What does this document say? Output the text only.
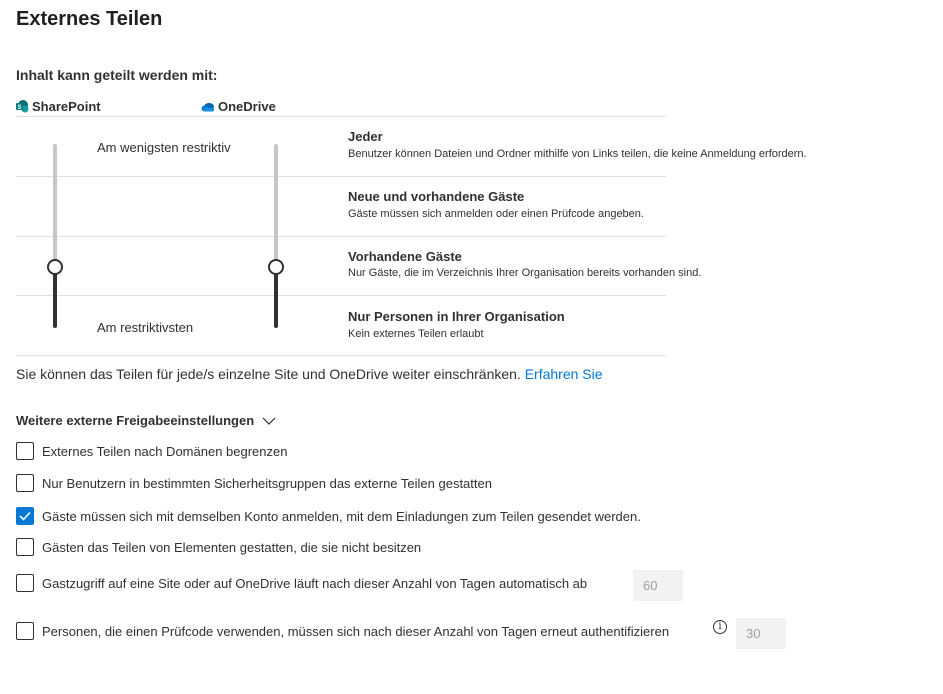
Externes Teilen
Inhalt kann geteilt werden mit:
S SharePoint	OneDrive
Am wenigsten restriktiv
Am restriktivsten
Jeder
Benutzer können Dateien und Ordner mithilfe von Links teilen, die keine Anmeldung erfordern.
Neue und vorhandene Gäste
Gäste müssen sich anmelden oder einen Prüfcode angeben.
Vorhandene Gäste
Nur Gäste, die im Verzeichnis Ihrer Organisation bereits vorhanden sind.
Nur Personen in Ihrer Organisation
Kein externes Teilen erlaubt
Sie können das Teilen für jede/s einzelne Site und OneDrive weiter einschränken. Erfahren Sie
Weitere externe Freigabeeinstellungen
Externes Teilen nach Domänen begrenzen
Nur Benutzern in bestimmten Sicherheitsgruppen das externe Teilen gestatten
Gäste müssen sich mit demselben Konto anmelden, mit dem Einladungen zum Teilen gesendet werden.
Gästen das Teilen von Elementen gestatten, die sie nicht besitzen
Gastzugriff auf eine Site oder auf OneDrive läuft nach dieser Anzahl von Tagen automatisch ab	60
Personen, die einen Prüfcode verwenden, müssen sich nach dieser Anzahl von Tagen erneut authentifizieren	i	30
